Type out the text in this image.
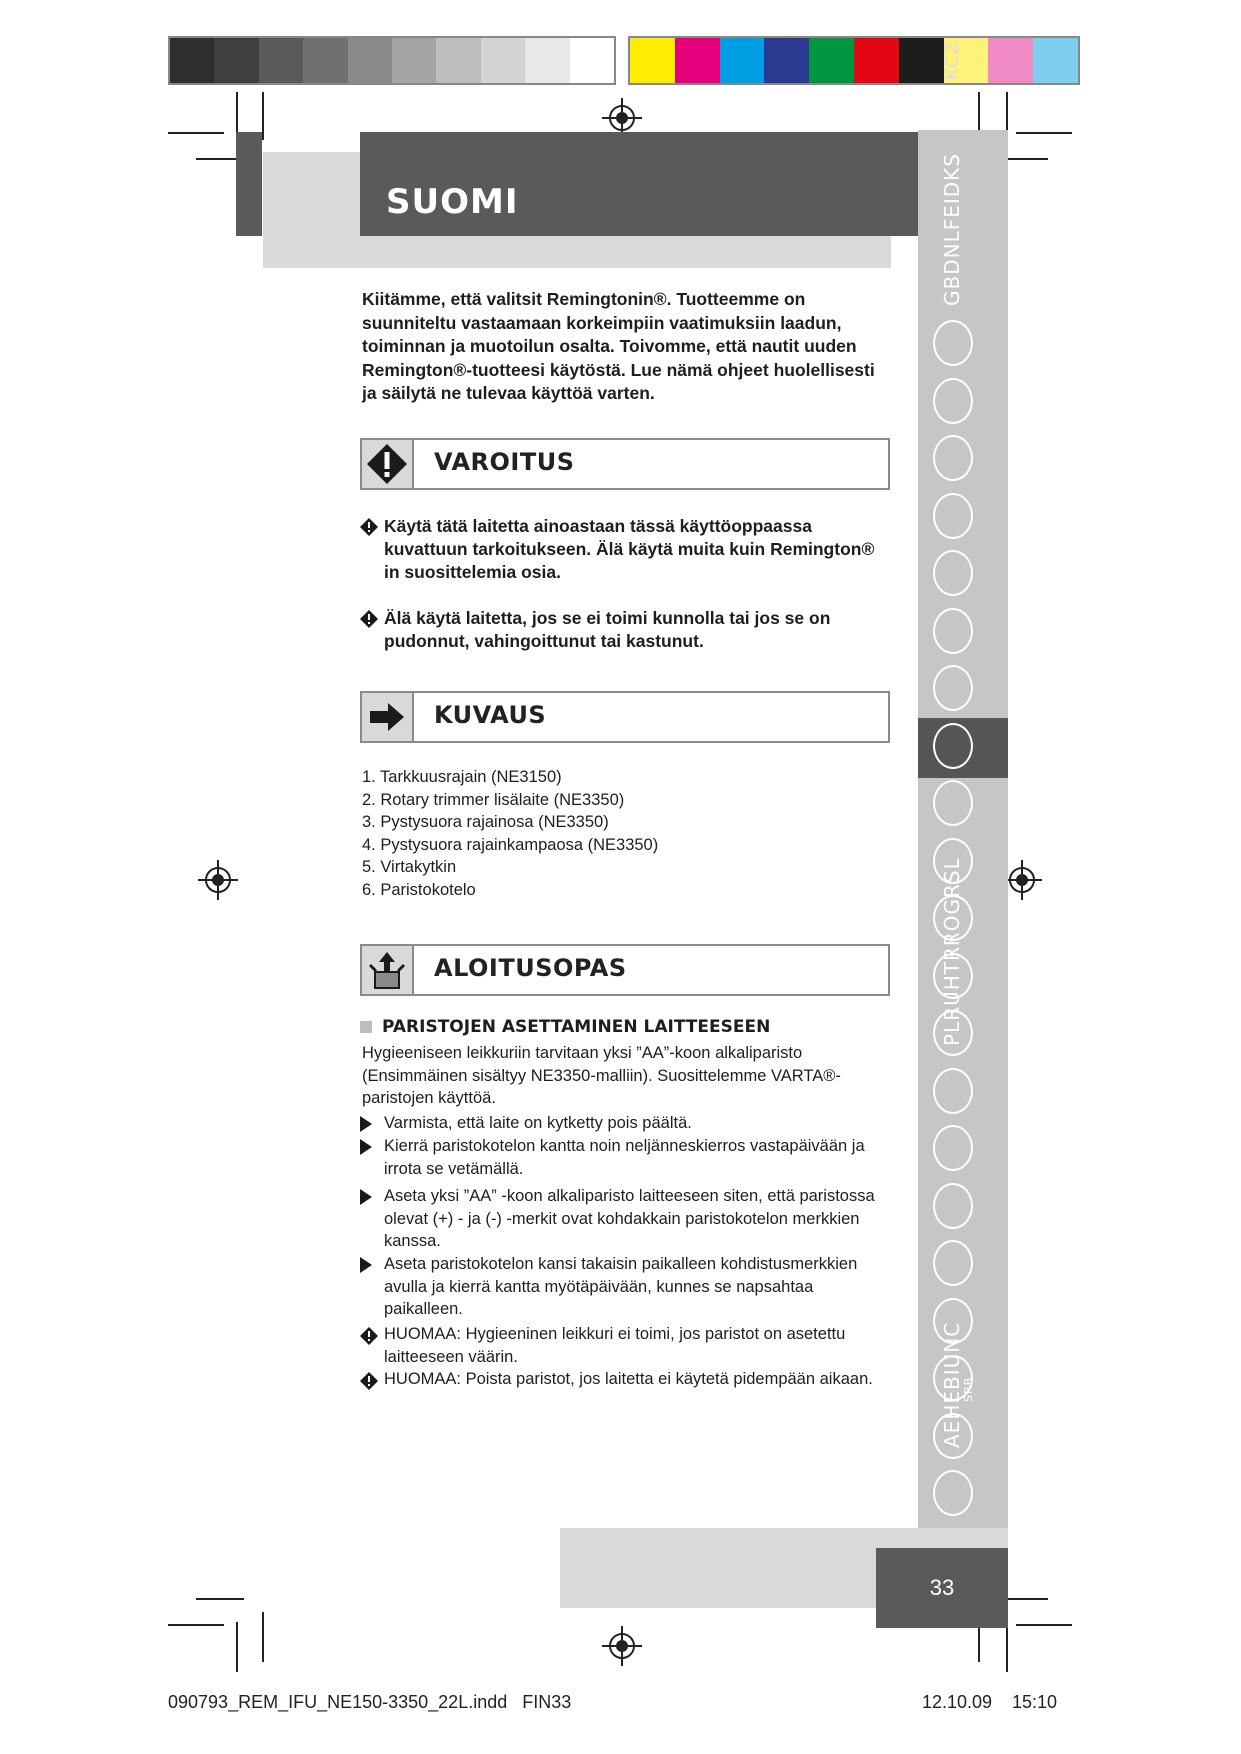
SUOMI	GBDNLFEIDKS
KCZ
PLRUHTRROGRSL
AEHEBIUNC
SRB
33
Kiitämme, että valitsit Remingtonin®. Tuotteemme on suunniteltu vastaamaan korkeimpiin vaatimuksiin laadun, toiminnan ja muotoilun osalta. Toivomme, että nautit uuden Remington®-tuotteesi käytöstä. Lue nämä ohjeet huolellisesti ja säilytä ne tulevaa käyttöä varten.
VAROITUS
Käytä tätä laitetta ainoastaan tässä käyttöoppaassa kuvattuun tarkoitukseen. Älä käytä muita kuin Remington® in suosittelemia osia.
Älä käytä laitetta, jos se ei toimi kunnolla tai jos se on pudonnut, vahingoittunut tai kastunut.
KUVAUS
1. Tarkkuusrajain (NE3150)
2. Rotary trimmer lisälaite (NE3350)
3. Pystysuora rajainosa (NE3350)
4. Pystysuora rajainkampaosa (NE3350)
5. Virtakytkin
6. Paristokotelo
ALOITUSOPAS
PARISTOJEN ASETTAMINEN LAITTEESEEN
Hygieeniseen leikkuriin tarvitaan yksi ”AA”-koon alkaliparisto (Ensimmäinen sisältyy NE3350-malliin). Suosittelemme VARTA®-paristojen käyttöä.
Varmista, että laite on kytketty pois päältä.
Kierrä paristokotelon kantta noin neljänneskierros vastapäivään ja irrota se vetämällä.
Aseta yksi ”AA” -koon alkaliparisto laitteeseen siten, että paristossa olevat (+) - ja (-) -merkit ovat kohdakkain paristokotelon merkkien kanssa.
Aseta paristokotelon kansi takaisin paikalleen kohdistusmerkkien avulla ja kierrä kantta myötäpäivään, kunnes se napsahtaa paikalleen.
HUOMAA: Hygieeninen leikkuri ei toimi, jos paristot on asetettu laitteeseen väärin.
HUOMAA: Poista paristot, jos laitetta ei käytetä pidempään aikaan.
090793_REM_IFU_NE150-3350_22L.indd   FIN33	12.10.09 15:10
